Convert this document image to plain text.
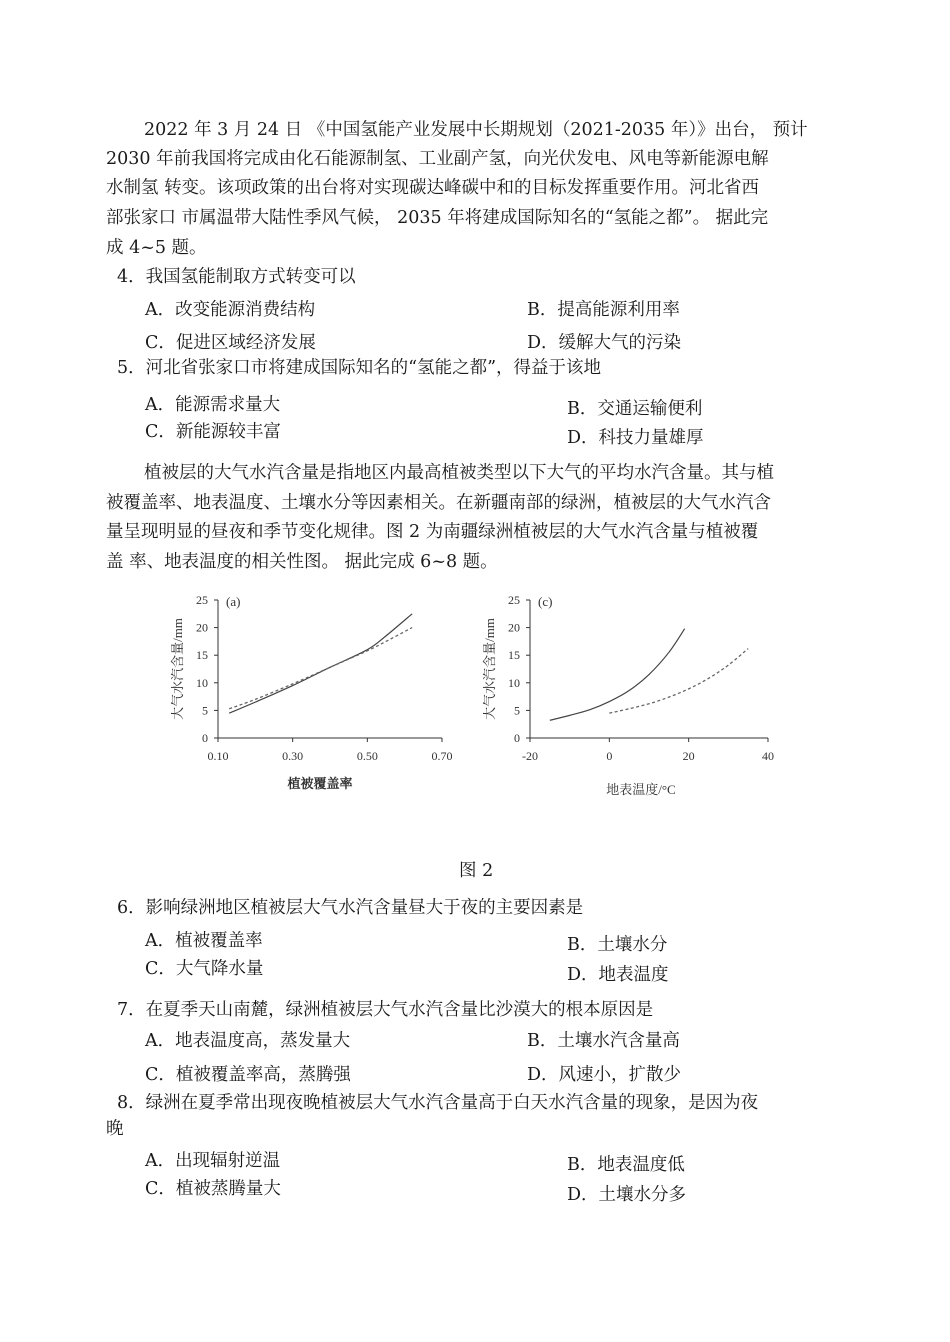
2022 年 3 月 24 日 《中国氢能产业发展中长期规划（2021-2035 年）》出台， 预计
2030 年前我国将完成由化石能源制氢、工业副产氢，向光伏发电、风电等新能源电解
水制氢 转变。该项政策的出台将对实现碳达峰碳中和的目标发挥重要作用。河北省西
部张家口 市属温带大陆性季风气候， 2035 年将建成国际知名的“氢能之都”。 据此完
成 4~5 题。
4．我国氢能制取方式转变可以
A．改变能源消费结构	B．提高能源利用率
C．促进区域经济发展	D．缓解大气的污染
5．河北省张家口市将建成国际知名的“氢能之都”，得益于该地
A．能源需求量大	B．交通运输便利
C．新能源较丰富	D．科技力量雄厚
植被层的大气水汽含量是指地区内最高植被类型以下大气的平均水汽含量。其与植
被覆盖率、地表温度、土壤水分等因素相关。在新疆南部的绿洲，植被层的大气水汽含
量呈现明显的昼夜和季节变化规律。图 2 为南疆绿洲植被层的大气水汽含量与植被覆
盖 率、地表温度的相关性图。 据此完成 6~8 题。
0
5
10
15
20
25
0.10	0.30	0.50	0.70
(a)
大气水汽含量/mm
植被覆盖率
0
5
10
15
20
25
-20	0	20	40
(c)
大气水汽含量/mm
地表温度/°C
图 2
6．影响绿洲地区植被层大气水汽含量昼大于夜的主要因素是
A．植被覆盖率	B．土壤水分
C．大气降水量	D．地表温度
7．在夏季天山南麓，绿洲植被层大气水汽含量比沙漠大的根本原因是
A．地表温度高，蒸发量大	B．土壤水汽含量高
C．植被覆盖率高，蒸腾强	D．风速小，扩散少
8．绿洲在夏季常出现夜晚植被层大气水汽含量高于白天水汽含量的现象，是因为夜
晚
A．出现辐射逆温	B．地表温度低
C．植被蒸腾量大	D．土壤水分多
